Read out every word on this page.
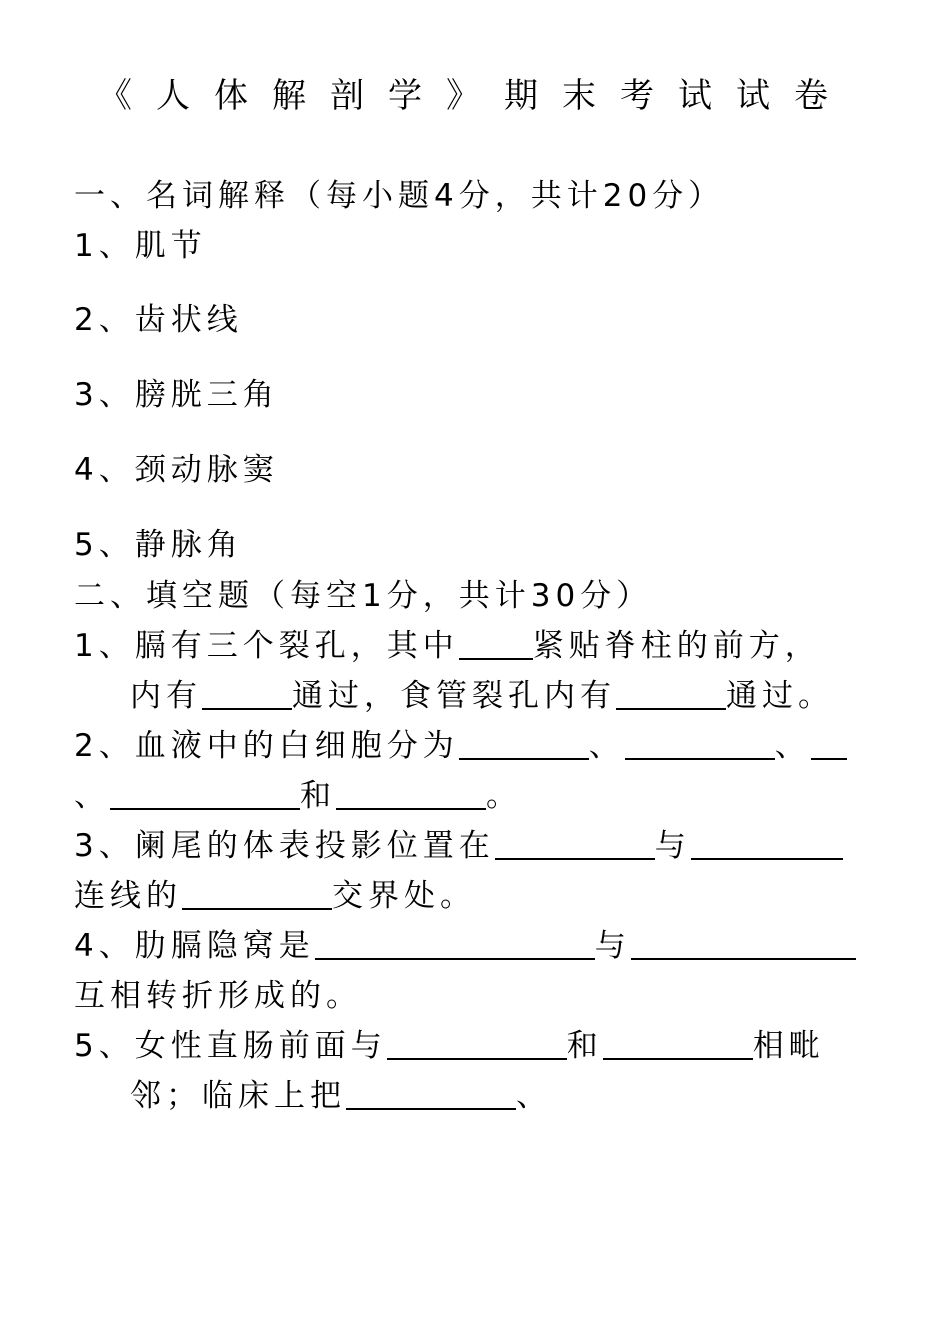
《人体解剖学》期末考试试卷
一、名词解释（每小题4分，共计20分）
1、肌节
2、齿状线
3、膀胱三角
4、颈动脉窦
5、静脉角
二、填空题（每空1分，共计30分）
1、膈有三个裂孔，其中 紧贴脊柱的前方，
内有	通过，食管裂孔内有	通过。
2、血液中的白细胞分为	、	、
、	和	。
3、阑尾的体表投影位置在	与
连线的	交界处。
4、肋膈隐窝是	与
互相转折形成的。
5、女性直肠前面与	和	相毗
邻；临床上把	、
